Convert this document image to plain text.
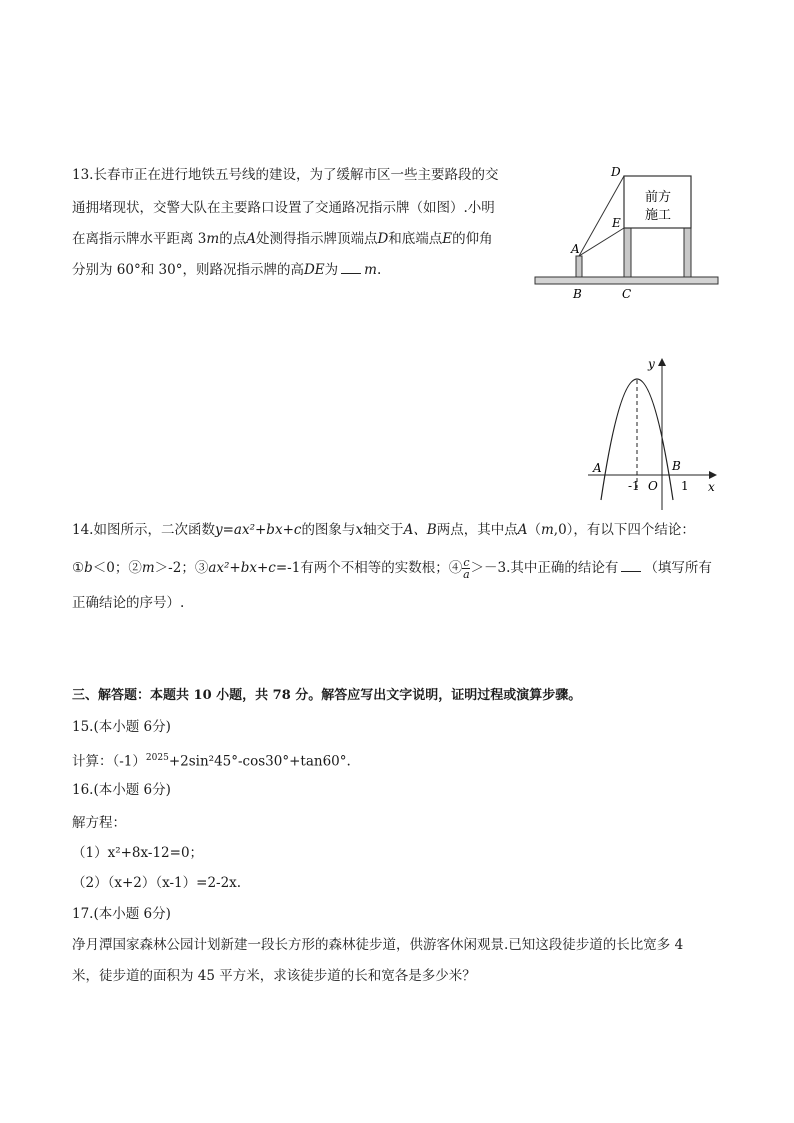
13.长春市正在进行地铁五号线的建设，为了缓解市区一些主要路段的交
通拥堵现状，交警大队在主要路口设置了交通路况指示牌（如图）.小明
在离指示牌水平距离 3m的点A处测得指示牌顶端点D和底端点E的仰角
分别为 60°和 30°，则路况指示牌的高DE为 m.
前方
施工
D
E
A
B	C
y
x
A	B
-1 O 1
14.如图所示，二次函数y=ax²+bx+c的图象与x轴交于A、B两点，其中点A（m,0），有以下四个结论：
①b＜0；②m＞-2；③ax²+bx+c=-1有两个不相等的实数根；④ $\frac{c}{a} >-3$.其中正确的结论有 （填写所有
正确结论的序号）.
三、解答题：本题共 10 小题，共 78 分。解答应写出文字说明，证明过程或演算步骤。
15.(本小题 6分)
计算：$(-1)^{2025}+2\sin^245^\circ-\cos 30^\circ+\tan 60^\circ$.
16.(本小题 6分)
解方程：
（1）x²+8x-12=0；
（2）（x+2）（x-1）=2-2x.
17.(本小题 6分)
净月潭国家森林公园计划新建一段长方形的森林徒步道，供游客休闲观景.已知这段徒步道的长比宽多 4
米，徒步道的面积为 45 平方米，求该徒步道的长和宽各是多少米？
